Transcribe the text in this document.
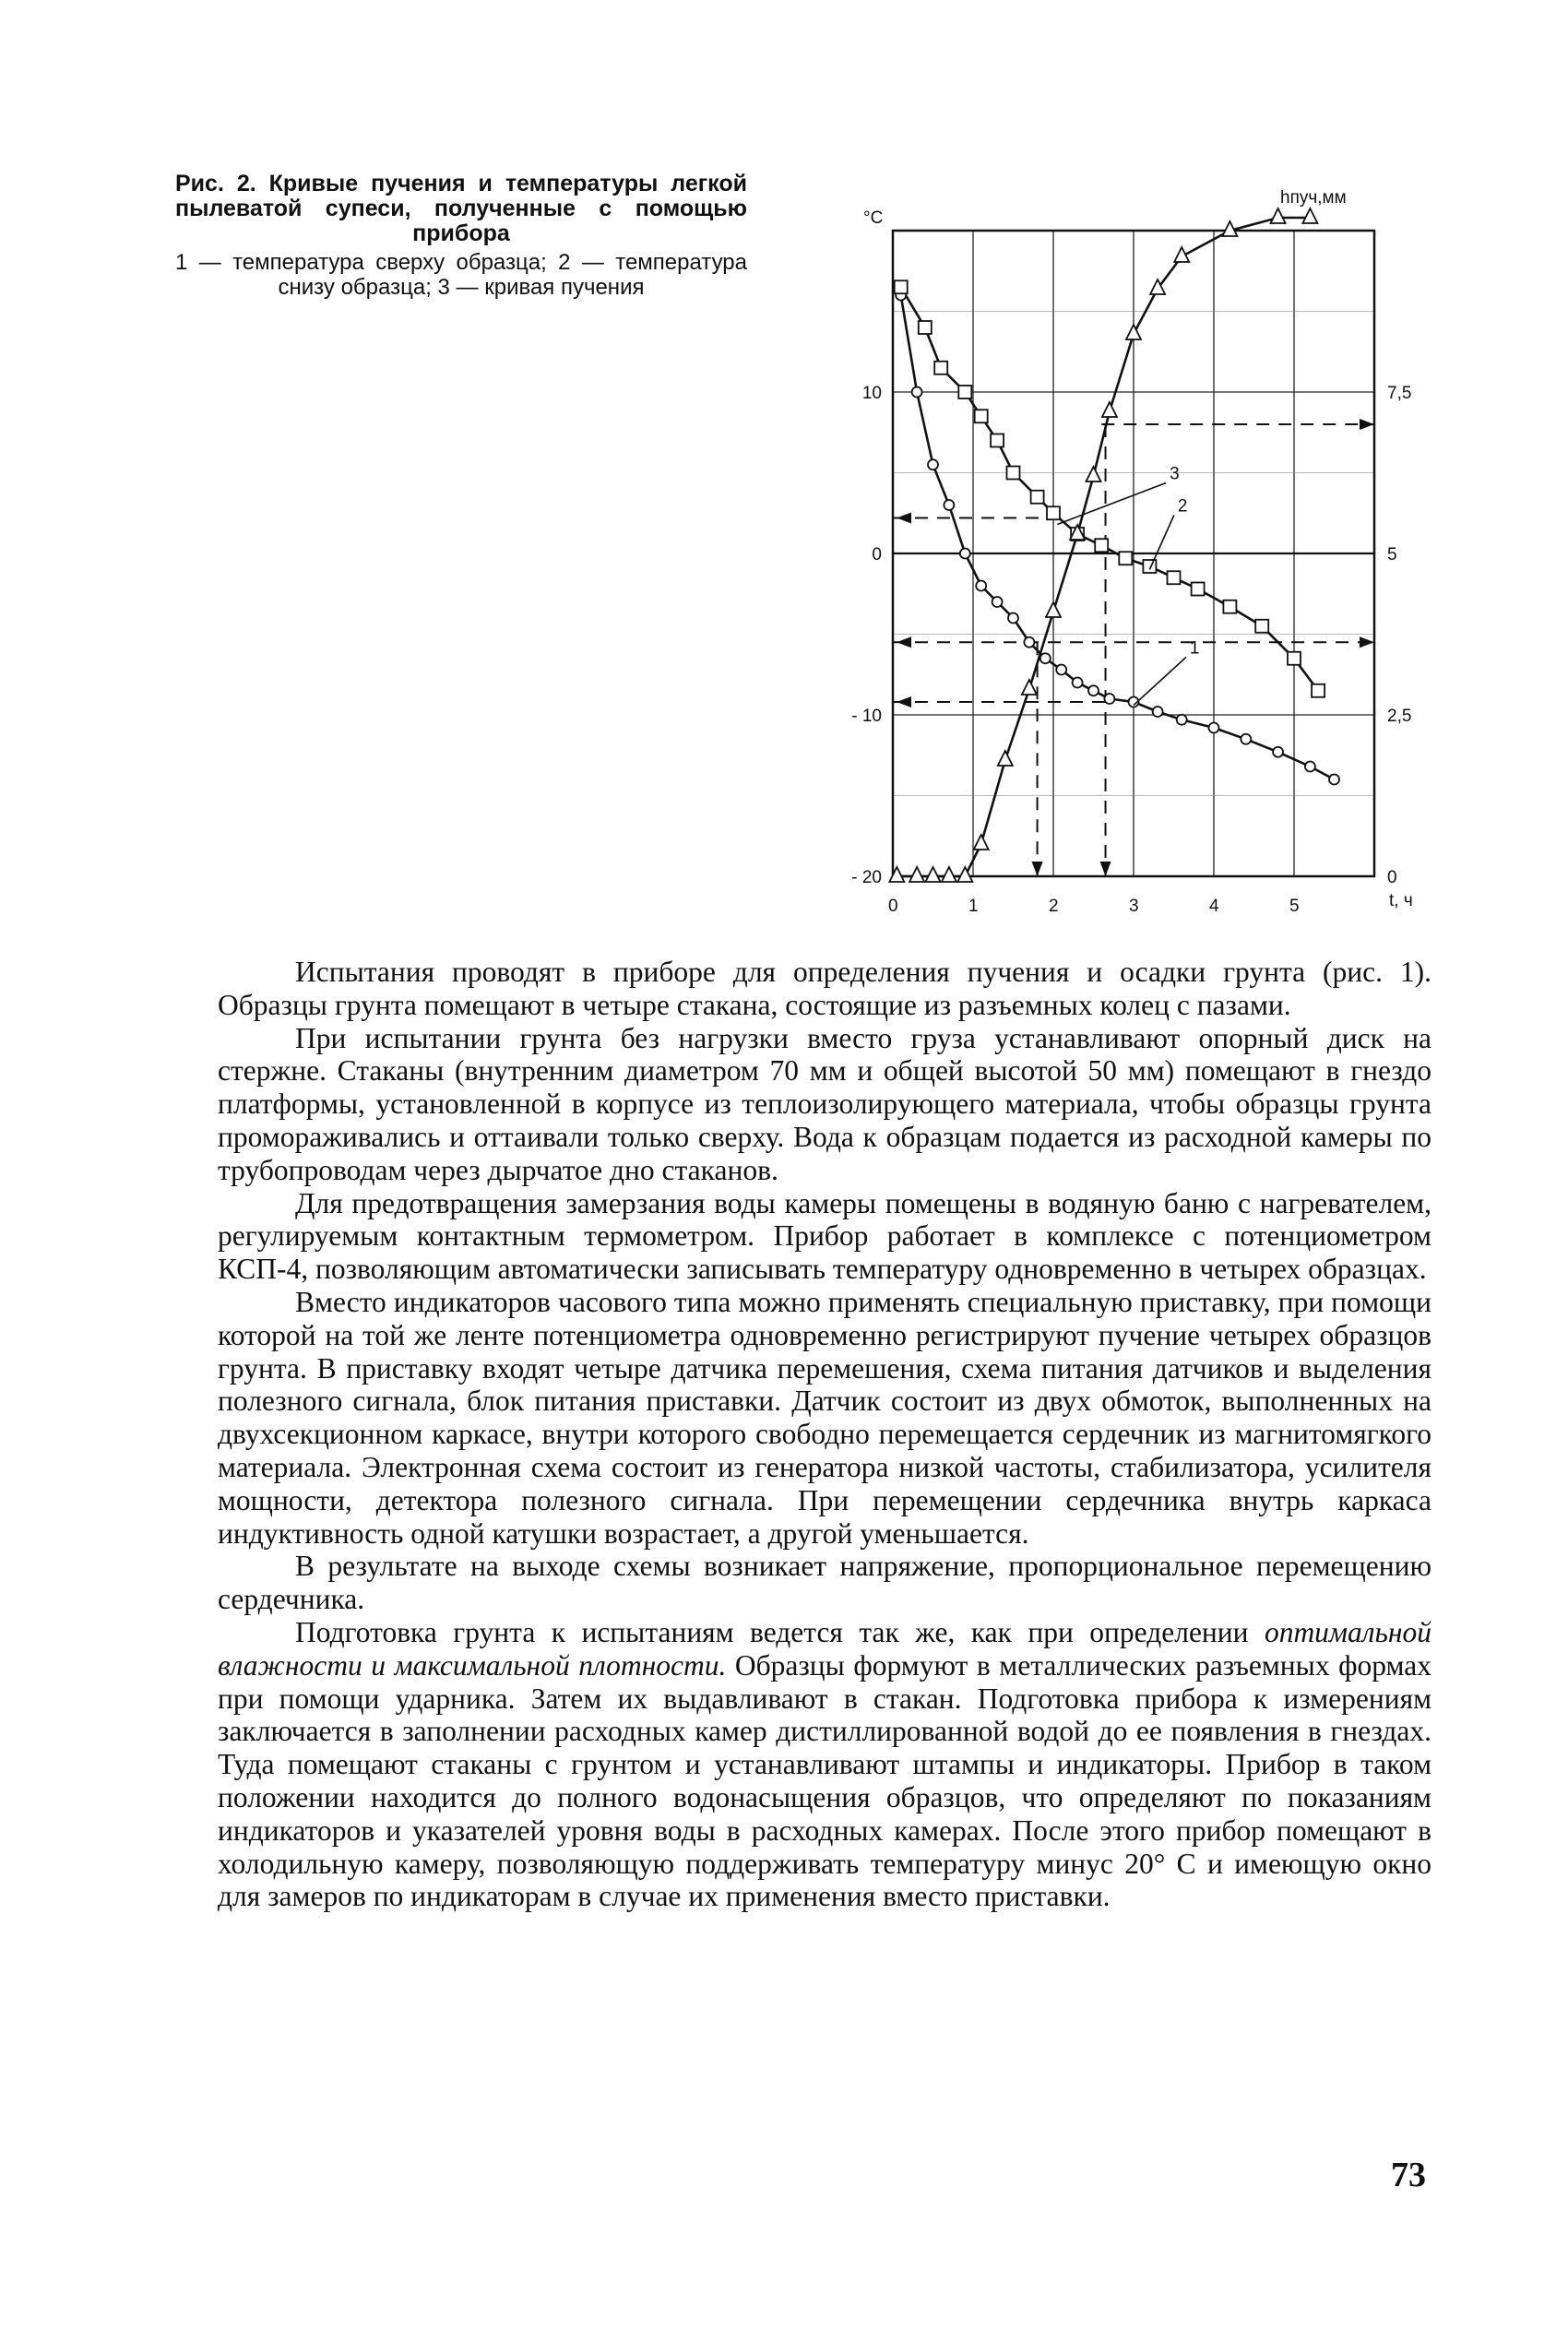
Рис. 2. Кривые пучения и температуры легкой пылеватой супеси, полученные с помощью прибора

1 — температура сверху образца; 2 — температура снизу образца; 3 — кривая пучения

°C
hпуч,мм
t, ч
0	1	2	3	4	5
10
0
- 10
- 20
7,5
5
2,5
0
1
2
3

Испытания проводят в приборе для определения пучения и осадки грунта (рис. 1). Образцы грунта помещают в четыре стакана, состоящие из разъемных колец с пазами.

При испытании грунта без нагрузки вместо груза устанавливают опорный диск на стержне. Стаканы (внутренним диаметром 70 мм и общей высотой 50 мм) помещают в гнездо платформы, установленной в корпусе из теплоизолирующего материала, чтобы образцы грунта промораживались и оттаивали только сверху. Вода к образцам подается из расходной камеры по трубопроводам через дырчатое дно стаканов.

Для предотвращения замерзания воды камеры помещены в водяную баню с нагревателем, регулируемым контактным термометром. Прибор работает в комплексе с потенциометром КСП-4, позволяющим автоматически записывать температуру одновременно в четырех образцах.

Вместо индикаторов часового типа можно применять специальную приставку, при помощи которой на той же ленте потенциометра одновременно регистрируют пучение четырех образцов грунта. В приставку входят четыре датчика перемешения, схема питания датчиков и выделения полезного сигнала, блок питания приставки. Датчик состоит из двух обмоток, выполненных на двухсекционном каркасе, внутри которого свободно перемещается сердечник из магнитомягкого материала. Электронная схема состоит из генератора низкой частоты, стабилизатора, усилителя мощности, детектора полезного сигнала. При перемещении сердечника внутрь каркаса индуктивность одной катушки возрастает, а другой уменьшается.

В результате на выходе схемы возникает напряжение, пропорциональное перемещению сердечника.

Подготовка грунта к испытаниям ведется так же, как при определении оптимальной влажности и максимальной плотности. Образцы формуют в металлических разъемных формах при помощи ударника. Затем их выдавливают в стакан. Подготовка прибора к измерениям заключается в заполнении расходных камер дистиллированной водой до ее появления в гнездах. Туда помещают стаканы с грунтом и устанавливают штампы и индикаторы. Прибор в таком положении находится до полного водонасыщения образцов, что определяют по показаниям индикаторов и указателей уровня воды в расходных камерах. После этого прибор помещают в холодильную камеру, позволяющую поддерживать температуру минус 20° С и имеющую окно для замеров по индикаторам в случае их применения вместо приставки.

73
